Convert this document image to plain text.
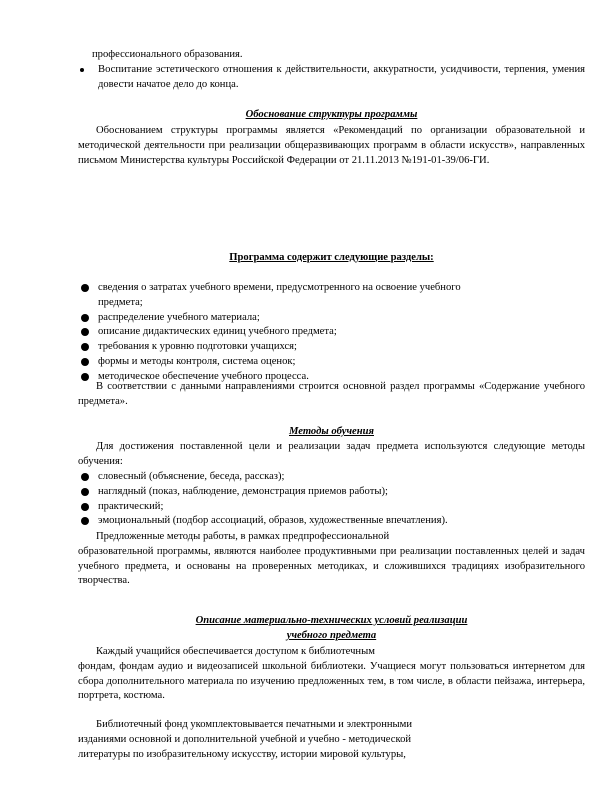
профессионального образования.
Воспитание эстетического отношения к действительности, аккуратности, усидчивости, терпения, умения довести начатое дело до конца.
Обоснование структуры программы
Обоснованием структуры программы является «Рекомендаций по организации образовательной и методической деятельности при реализации общеразвивающих программ в области искусств», направленных письмом Министерства культуры Российской Федерации от 21.11.2013 №191-01-39/06-ГИ.
Программа содержит следующие разделы:
сведения о затратах учебного времени, предусмотренного на освоение учебного предмета;
распределение учебного материала;
описание дидактических единиц учебного предмета;
требования к уровню подготовки учащихся;
формы и методы контроля, система оценок;
методическое обеспечение учебного процесса.
В соответствии с данными направлениями строится основной раздел программы «Содержание учебного предмета».
Методы обучения
Для достижения поставленной цели и реализации задач предмета используются следующие методы обучения:
словесный (объяснение, беседа, рассказ);
наглядный (показ, наблюдение, демонстрация приемов работы);
практический;
эмоциональный (подбор ассоциаций, образов, художественные впечатления).
Предложенные методы работы, в рамках предпрофессиональной
образовательной программы, являются наиболее продуктивными при реализации поставленных целей и задач учебного предмета, и основаны на проверенных методиках, и сложившихся традициях изобразительного творчества.
Описание материально-технических условий реализации
учебного предмета
Каждый учащийся обеспечивается доступом к библиотечным
фондам, фондам аудио и видеозаписей школьной библиотеки. Учащиеся могут пользоваться интернетом для сбора дополнительного материала по изучению предложенных тем, в том числе, в области пейзажа, интерьера, портрета, костюма.
Библиотечный фонд укомплектовывается печатными и электронными
изданиями основной и дополнительной учебной и учебно - методической
литературы по изобразительному искусству, истории мировой культуры,
